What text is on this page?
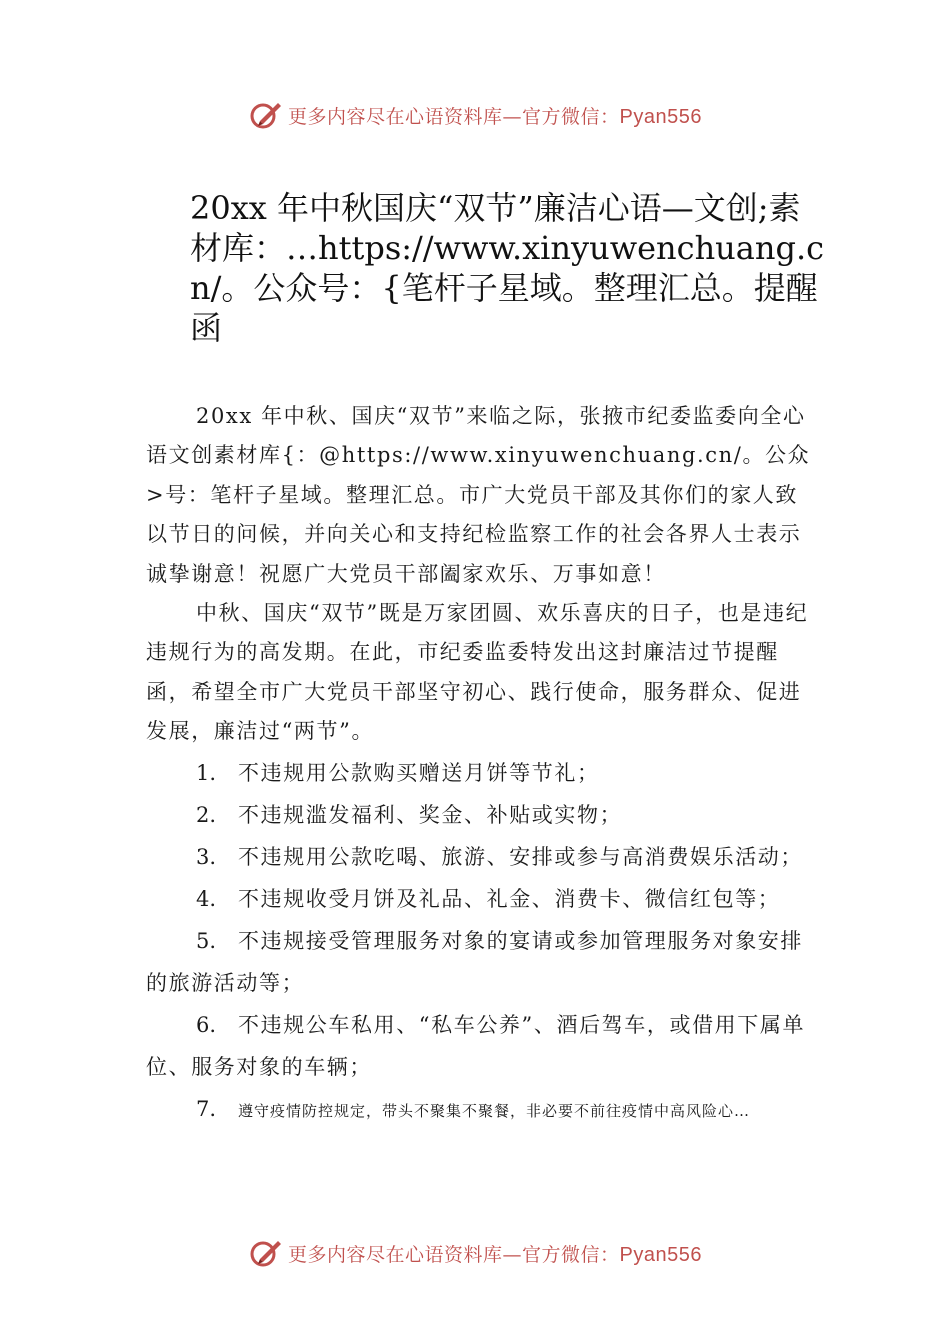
更多内容尽在心语资料库—官方微信：Pyan556
20xx 年中秋国庆“双节”廉洁心语—文创;素材库：…https://www.xinyuwenchuang.cn/。公众号：{笔杆子星域。整理汇总。提醒函

20xx 年中秋、国庆“双节”来临之际，张掖市纪委监委向全心语文创素材库{：@https://www.xinyuwenchuang.cn/。公众>号：笔杆子星域。整理汇总。市广大党员干部及其你们的家人致以节日的问候，并向关心和支持纪检监察工作的社会各界人士表示诚挚谢意！祝愿广大党员干部阖家欢乐、万事如意！

中秋、国庆“双节”既是万家团圆、欢乐喜庆的日子，也是违纪违规行为的高发期。在此，市纪委监委特发出这封廉洁过节提醒函，希望全市广大党员干部坚守初心、践行使命，服务群众、促进发展，廉洁过“两节”。

1. 不违规用公款购买赠送月饼等节礼；

2. 不违规滥发福利、奖金、补贴或实物；

3. 不违规用公款吃喝、旅游、安排或参与高消费娱乐活动；

4. 不违规收受月饼及礼品、礼金、消费卡、微信红包等；

5. 不违规接受管理服务对象的宴请或参加管理服务对象安排的旅游活动等；

6. 不违规公车私用、“私车公养”、酒后驾车，或借用下属单位、服务对象的车辆；

7. 遵守疫情防控规定，带头不聚集不聚餐，非必要不前往疫情中高风险心…

更多内容尽在心语资料库—官方微信：Pyan556
